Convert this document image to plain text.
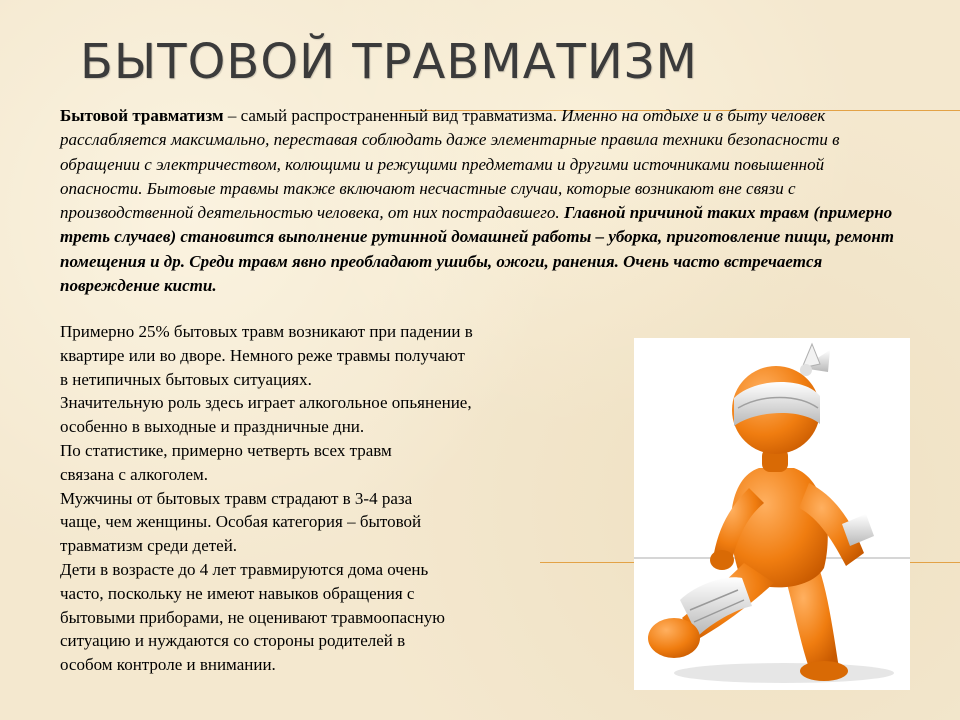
БЫТОВОЙ ТРАВМАТИЗМ

Бытовой травматизм – самый распространенный вид травматизма. Именно на отдыхе и в быту человек расслабляется максимально, переставая соблюдать даже элементарные правила техники безопасности в обращении с электричеством, колющими и режущими предметами и другими источниками повышенной опасности. Бытовые травмы также включают несчастные случаи, которые возникают вне связи с производственной деятельностью человека, от них пострадавшего. Главной причиной таких травм (примерно треть случаев) становится выполнение рутинной домашней работы – уборка, приготовление пищи, ремонт помещения и др. Среди травм явно преобладают ушибы, ожоги, ранения. Очень часто встречается повреждение кисти.

Примерно 25% бытовых травм возникают при падении в
квартире или во дворе. Немного реже травмы получают
в нетипичных бытовых ситуациях.
Значительную роль здесь играет алкогольное опьянение,
особенно в выходные и праздничные дни.
По статистике, примерно четверть всех травм
связана с алкоголем.
Мужчины от бытовых травм страдают в 3-4 раза
чаще, чем женщины. Особая категория – бытовой
травматизм среди детей.
Дети в возрасте до 4 лет травмируются дома очень
часто, поскольку не имеют навыков обращения с
бытовыми приборами, не оценивают травмоопасную
ситуацию и нуждаются со стороны родителей в
особом контроле и внимании.
